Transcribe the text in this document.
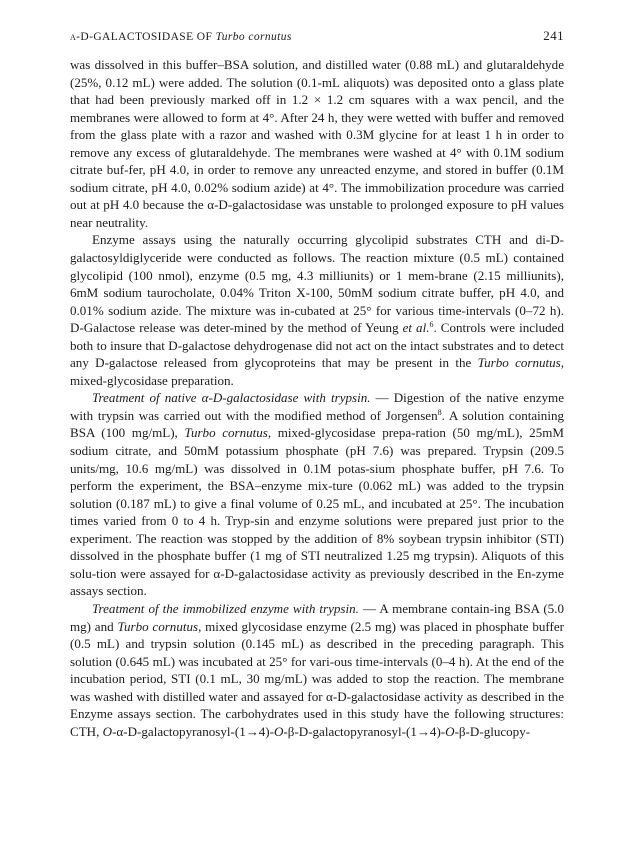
α-D-GALACTOSIDASE OF Turbo cornutus	241

was dissolved in this buffer–BSA solution, and distilled water (0.88 mL) and glutaraldehyde (25%, 0.12 mL) were added. The solution (0.1-mL aliquots) was deposited onto a glass plate that had been previously marked off in 1.2 × 1.2 cm squares with a wax pencil, and the membranes were allowed to form at 4°. After 24 h, they were wetted with buffer and removed from the glass plate with a razor and washed with 0.3M glycine for at least 1 h in order to remove any excess of glutaraldehyde. The membranes were washed at 4° with 0.1M sodium citrate buf-fer, pH 4.0, in order to remove any unreacted enzyme, and stored in buffer (0.1M sodium citrate, pH 4.0, 0.02% sodium azide) at 4°. The immobilization procedure was carried out at pH 4.0 because the α-D-galactosidase was unstable to prolonged exposure to pH values near neutrality.

Enzyme assays using the naturally occurring glycolipid substrates CTH and di-D-galactosyldiglyceride were conducted as follows. The reaction mixture (0.5 mL) contained glycolipid (100 nmol), enzyme (0.5 mg, 4.3 milliunits) or 1 mem-brane (2.15 milliunits), 6mM sodium taurocholate, 0.04% Triton X-100, 50mM sodium citrate buffer, pH 4.0, and 0.01% sodium azide. The mixture was in-cubated at 25° for various time-intervals (0–72 h). D-Galactose release was deter-mined by the method of Yeung et al.$^6$. Controls were included both to insure that D-galactose dehydrogenase did not act on the intact substrates and to detect any D-galactose released from glycoproteins that may be present in the Turbo cornutus, mixed-glycosidase preparation.

Treatment of native α-D-galactosidase with trypsin. — Digestion of the native enzyme with trypsin was carried out with the modified method of Jorgensen$^8$. A solution containing BSA (100 mg/mL), Turbo cornutus, mixed-glycosidase prepa-ration (50 mg/mL), 25mM sodium citrate, and 50mM potassium phosphate (pH 7.6) was prepared. Trypsin (209.5 units/mg, 10.6 mg/mL) was dissolved in 0.1M potas-sium phosphate buffer, pH 7.6. To perform the experiment, the BSA–enzyme mix-ture (0.062 mL) was added to the trypsin solution (0.187 mL) to give a final volume of 0.25 mL, and incubated at 25°. The incubation times varied from 0 to 4 h. Tryp-sin and enzyme solutions were prepared just prior to the experiment. The reaction was stopped by the addition of 8% soybean trypsin inhibitor (STI) dissolved in the phosphate buffer (1 mg of STI neutralized 1.25 mg trypsin). Aliquots of this solu-tion were assayed for α-D-galactosidase activity as previously described in the En-zyme assays section.

Treatment of the immobilized enzyme with trypsin. — A membrane contain-ing BSA (5.0 mg) and Turbo cornutus, mixed glycosidase enzyme (2.5 mg) was placed in phosphate buffer (0.5 mL) and trypsin solution (0.145 mL) as described in the preceding paragraph. This solution (0.645 mL) was incubated at 25° for vari-ous time-intervals (0–4 h). At the end of the incubation period, STI (0.1 mL, 30 mg/mL) was added to stop the reaction. The membrane was washed with distilled water and assayed for α-D-galactosidase activity as described in the Enzyme assays section. The carbohydrates used in this study have the following structures: CTH, O-α-D-galactopyranosyl-(1→4)-O-β-D-galactopyranosyl-(1→4)-O-β-D-glucopy-
